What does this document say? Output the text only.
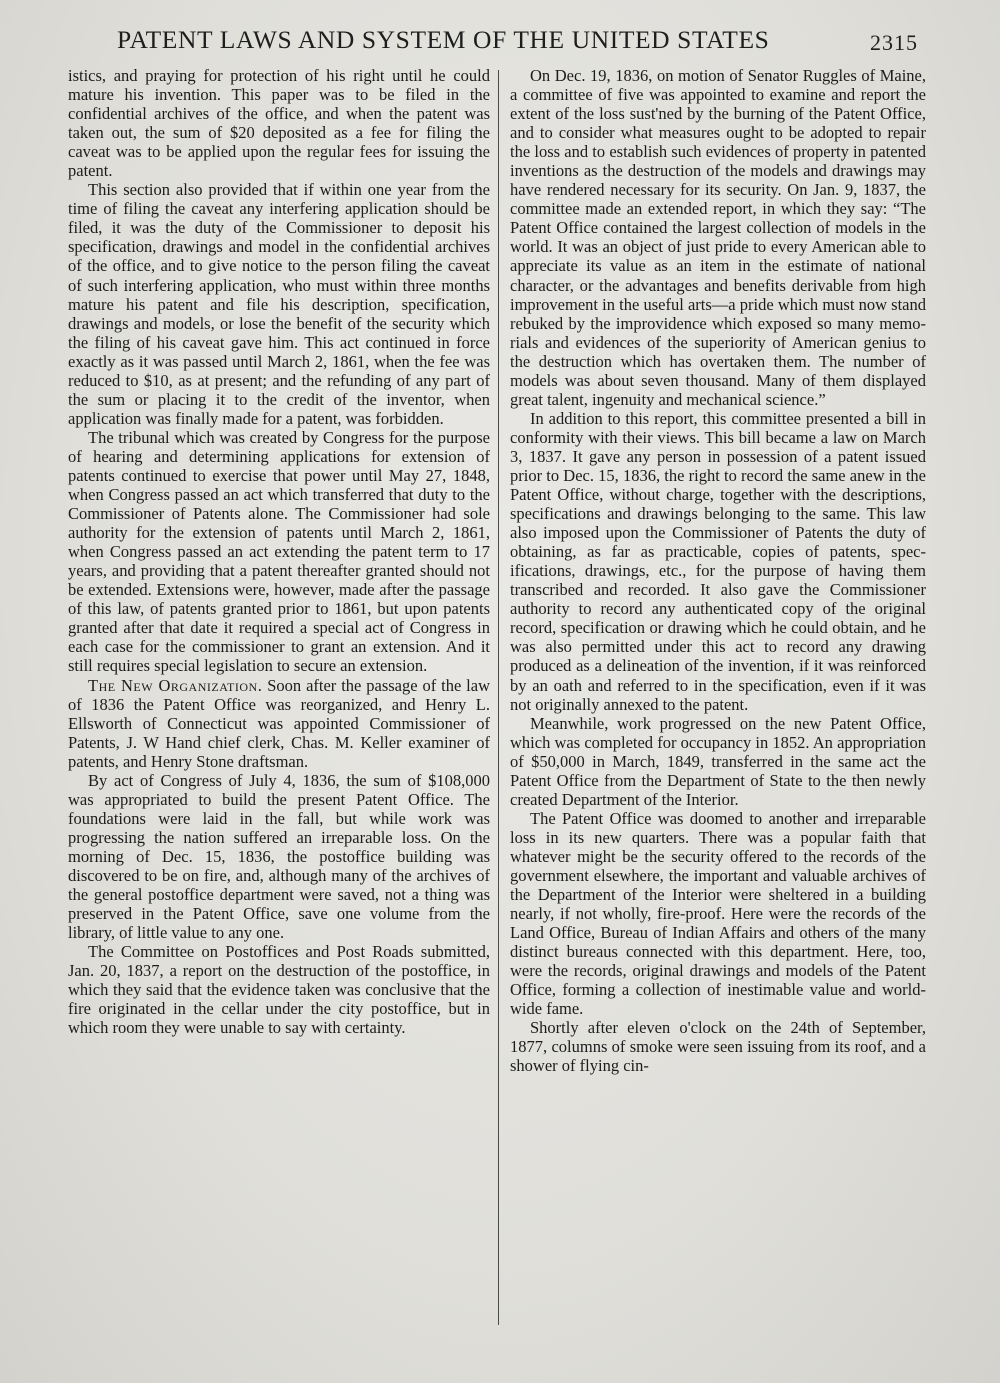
PATENT LAWS AND SYSTEM OF THE UNITED STATES	2315

istics, and praying for protection of his right until he could mature his invention. This paper was to be filed in the confidential archives of the office, and when the patent was taken out, the sum of $20 deposited as a fee for filing the caveat was to be applied upon the regular fees for issuing the patent.

This section also provided that if within one year from the time of filing the caveat any interfering application should be filed, it was the duty of the Commissioner to deposit his specification, drawings and model in the confidential archives of the office, and to give notice to the person filing the caveat of such interfering application, who must within three months mature his patent and file his description, specification, drawings and models, or lose the benefit of the security which the filing of his caveat gave him. This act continued in force exactly as it was passed until March 2, 1861, when the fee was reduced to $10, as at present; and the refunding of any part of the sum or placing it to the credit of the inventor, when application was finally made for a patent, was forbidden.

The tribunal which was created by Congress for the purpose of hearing and determining applications for extension of patents continued to exercise that power until May 27, 1848, when Congress passed an act which transferred that duty to the Commissioner of Patents alone. The Commissioner had sole authority for the extension of patents until March 2, 1861, when Congress passed an act extending the patent term to 17 years, and providing that a patent thereafter granted should not be extended. Extensions were, however, made after the passage of this law, of patents granted prior to 1861, but upon patents granted after that date it required a special act of Congress in each case for the commissioner to grant an extension. And it still requires special legislation to secure an extension.

The New Organization. Soon after the passage of the law of 1836 the Patent Office was reorganized, and Henry L. Ellsworth of Connecticut was appointed Commissioner of Patents, J. W Hand chief clerk, Chas. M. Keller examiner of patents, and Henry Stone draftsman.

By act of Congress of July 4, 1836, the sum of $108,000 was appropriated to build the present Patent Office. The foundations were laid in the fall, but while work was progressing the nation suffered an irreparable loss. On the morning of Dec. 15, 1836, the postoffice building was discovered to be on fire, and, although many of the archives of the general postoffice department were saved, not a thing was preserved in the Patent Office, save one volume from the library, of little value to any one.

The Committee on Postoffices and Post Roads submitted, Jan. 20, 1837, a report on the destruction of the postoffice, in which they said that the evidence taken was conclusive that the fire originated in the cellar under the city postoffice, but in which room they were unable to say with certainty.

On Dec. 19, 1836, on motion of Senator Ruggles of Maine, a committee of five was appointed to examine and report the extent of the loss sust'ned by the burning of the Patent Office, and to consider what measures ought to be adopted to repair the loss and to establish such evidences of property in patented inventions as the destruction of the models and drawings may have rendered necessary for its security. On Jan. 9, 1837, the committee made an extended report, in which they say: “The Patent Office contained the largest collection of models in the world. It was an object of just pride to every American able to appreciate its value as an item in the estimate of national character, or the advantages and benefits derivable from high improvement in the useful arts—a pride which must now stand rebuked by the improvidence which exposed so many memorials and evidences of the superiority of American genius to the destruction which has overtaken them. The number of models was about seven thousand. Many of them displayed great talent, ingenuity and mechanical science.”

In addition to this report, this committee presented a bill in conformity with their views. This bill became a law on March 3, 1837. It gave any person in possession of a patent issued prior to Dec. 15, 1836, the right to record the same anew in the Patent Office, without charge, together with the descriptions, specifications and drawings belonging to the same. This law also imposed upon the Commissioner of Patents the duty of obtaining, as far as practicable, copies of patents, specifications, drawings, etc., for the purpose of having them transcribed and recorded. It also gave the Commissioner authority to record any authenticated copy of the original record, specification or drawing which he could obtain, and he was also permitted under this act to record any drawing produced as a delineation of the invention, if it was reinforced by an oath and referred to in the specification, even if it was not originally annexed to the patent.

Meanwhile, work progressed on the new Patent Office, which was completed for occupancy in 1852. An appropriation of $50,000 in March, 1849, transferred in the same act the Patent Office from the Department of State to the then newly created Department of the Interior.

The Patent Office was doomed to another and irreparable loss in its new quarters. There was a popular faith that whatever might be the security offered to the records of the government elsewhere, the important and valuable archives of the Department of the Interior were sheltered in a building nearly, if not wholly, fire-proof. Here were the records of the Land Office, Bureau of Indian Affairs and others of the many distinct bureaus connected with this department. Here, too, were the records, original drawings and models of the Patent Office, forming a collection of inestimable value and world-wide fame.

Shortly after eleven o'clock on the 24th of September, 1877, columns of smoke were seen issuing from its roof, and a shower of flying cin-
